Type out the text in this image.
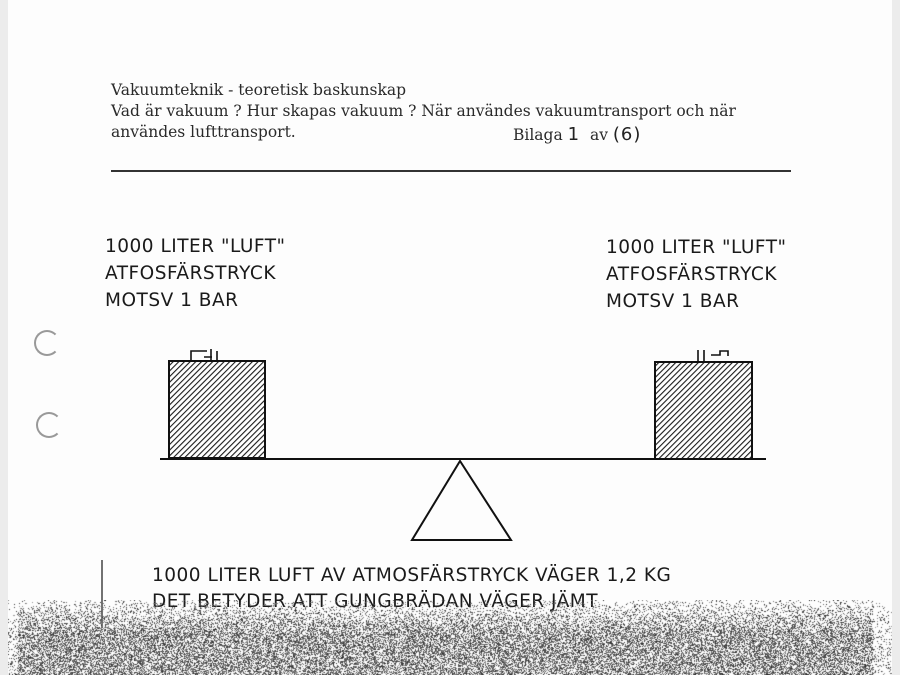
Vakuumteknik - teoretisk baskunskap
Vad är vakuum ? Hur skapas vakuum ? När användes vakuumtransport och när
användes lufttransport.	Bilaga 1 av (6)
1000 LITER "LUFT"
ATFOSFÄRSTRYCK
MOTSV 1 BAR
1000 LITER "LUFT"
ATFOSFÄRSTRYCK
MOTSV 1 BAR
1000 LITER LUFT AV ATMOSFÄRSTRYCK VÄGER 1,2 KG
